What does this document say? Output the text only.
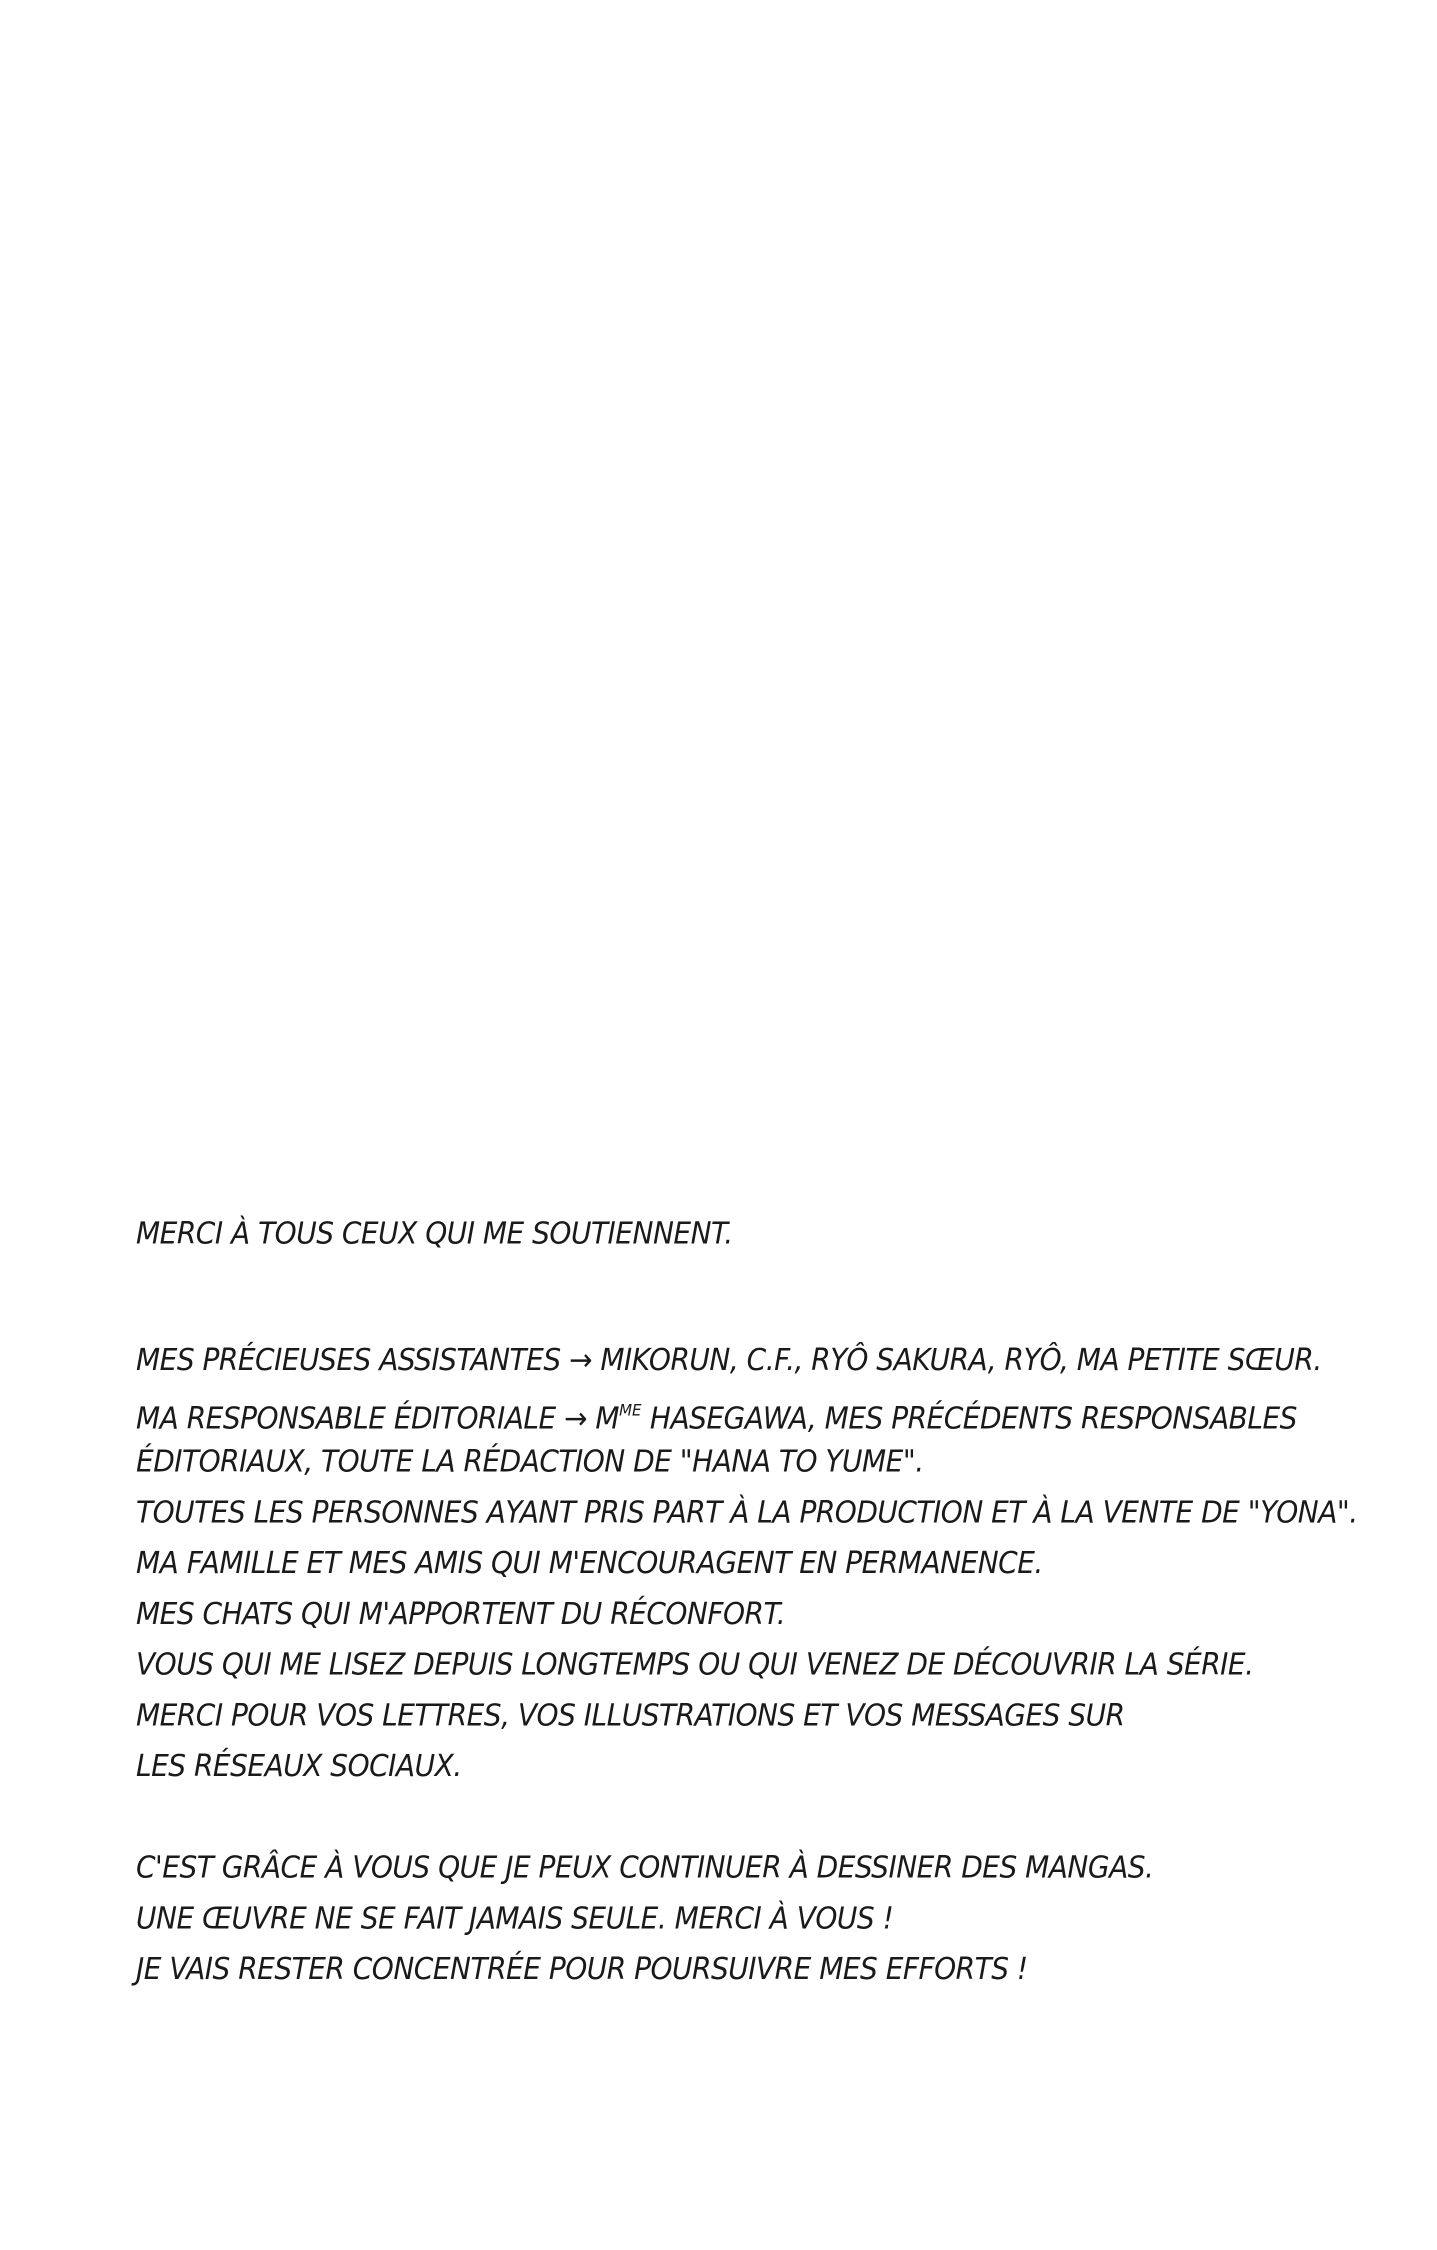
MERCI À TOUS CEUX QUI ME SOUTIENNENT.
MES PRÉCIEUSES ASSISTANTES → MIKORUN, C.F., RYÔ SAKURA, RYÔ, MA PETITE SŒUR.
MA RESPONSABLE ÉDITORIALE → $M^{ME}$ HASEGAWA, MES PRÉCÉDENTS RESPONSABLES
ÉDITORIAUX, TOUTE LA RÉDACTION DE "HANA TO YUME".
TOUTES LES PERSONNES AYANT PRIS PART À LA PRODUCTION ET À LA VENTE DE "YONA".
MA FAMILLE ET MES AMIS QUI M'ENCOURAGENT EN PERMANENCE.
MES CHATS QUI M'APPORTENT DU RÉCONFORT.
VOUS QUI ME LISEZ DEPUIS LONGTEMPS OU QUI VENEZ DE DÉCOUVRIR LA SÉRIE.
MERCI POUR VOS LETTRES, VOS ILLUSTRATIONS ET VOS MESSAGES SUR
LES RÉSEAUX SOCIAUX.
C'EST GRÂCE À VOUS QUE JE PEUX CONTINUER À DESSINER DES MANGAS.
UNE ŒUVRE NE SE FAIT JAMAIS SEULE. MERCI À VOUS !
JE VAIS RESTER CONCENTRÉE POUR POURSUIVRE MES EFFORTS !
